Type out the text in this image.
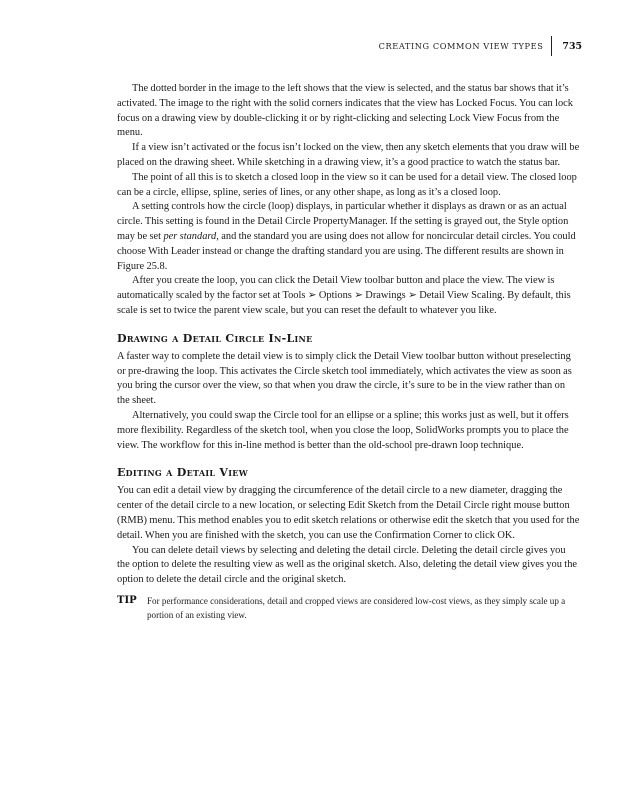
CREATING COMMON VIEW TYPES 735

The dotted border in the image to the left shows that the view is selected, and the status bar shows that it’s activated. The image to the right with the solid corners indicates that the view has Locked Focus. You can lock focus on a drawing view by double-clicking it or by right-clicking and selecting Lock View Focus from the menu.

If a view isn’t activated or the focus isn’t locked on the view, then any sketch elements that you draw will be placed on the drawing sheet. While sketching in a drawing view, it’s a good practice to watch the status bar.

The point of all this is to sketch a closed loop in the view so it can be used for a detail view. The closed loop can be a circle, ellipse, spline, series of lines, or any other shape, as long as it’s a closed loop.

A setting controls how the circle (loop) displays, in particular whether it displays as drawn or as an actual circle. This setting is found in the Detail Circle PropertyManager. If the setting is grayed out, the Style option may be set per standard, and the standard you are using does not allow for noncircular detail circles. You could choose With Leader instead or change the drafting standard you are using. The different results are shown in Figure 25.8.

After you create the loop, you can click the Detail View toolbar button and place the view. The view is automatically scaled by the factor set at Tools ➢ Options ➢ Drawings ➢ Detail View Scaling. By default, this scale is set to twice the parent view scale, but you can reset the default to whatever you like.

Drawing a Detail Circle In-Line

A faster way to complete the detail view is to simply click the Detail View toolbar button without preselecting or pre-drawing the loop. This activates the Circle sketch tool immediately, which activates the view as soon as you bring the cursor over the view, so that when you draw the circle, it’s sure to be in the view rather than on the sheet.

Alternatively, you could swap the Circle tool for an ellipse or a spline; this works just as well, but it offers more flexibility. Regardless of the sketch tool, when you close the loop, SolidWorks prompts you to place the view. The workflow for this in-line method is better than the old-school pre-drawn loop technique.

Editing a Detail View

You can edit a detail view by dragging the circumference of the detail circle to a new diameter, dragging the center of the detail circle to a new location, or selecting Edit Sketch from the Detail Circle right mouse button (RMB) menu. This method enables you to edit sketch relations or otherwise edit the sketch that you used for the detail. When you are finished with the sketch, you can use the Confirmation Corner to click OK.

You can delete detail views by selecting and deleting the detail circle. Deleting the detail circle gives you the option to delete the resulting view as well as the original sketch. Also, deleting the detail view gives you the option to delete the detail circle and the original sketch.

TIP	For performance considerations, detail and cropped views are considered low-cost views, as they simply scale up a portion of an existing view.
